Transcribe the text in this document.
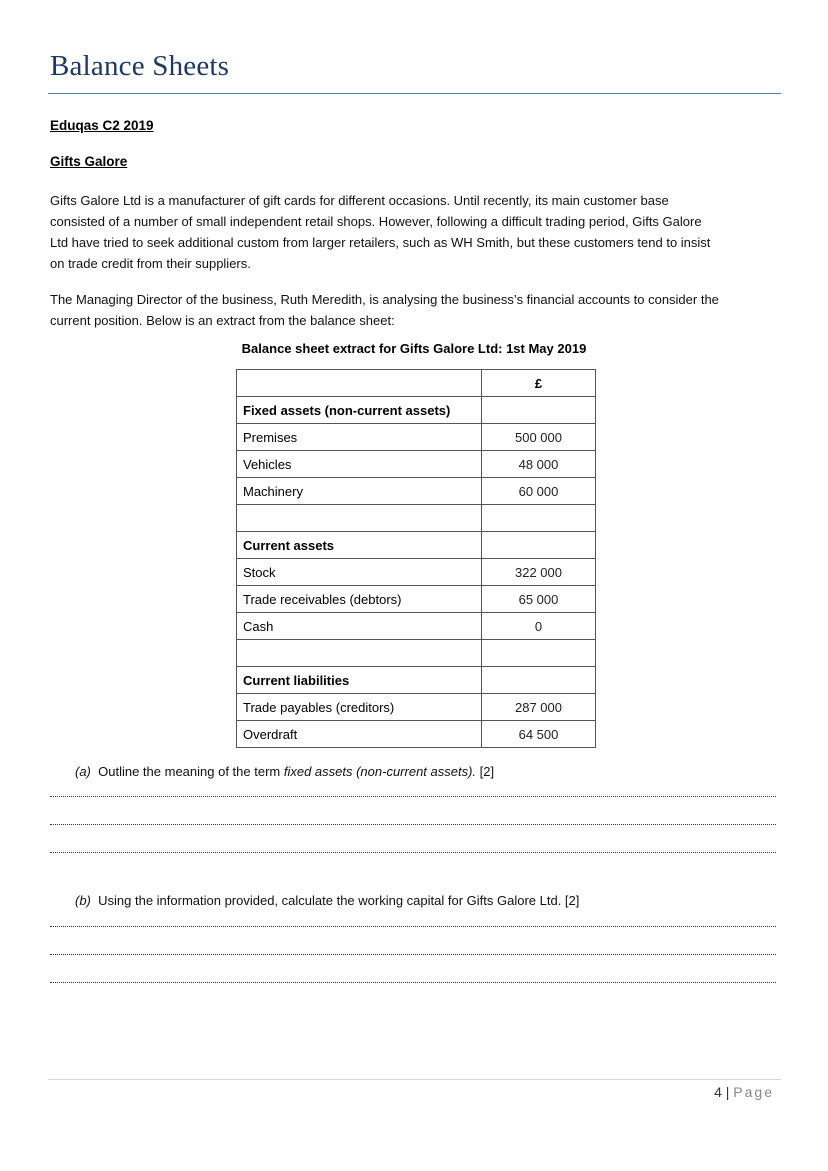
Balance Sheets
Eduqas C2 2019
Gifts Galore
Gifts Galore Ltd is a manufacturer of gift cards for different occasions. Until recently, its main customer base
consisted of a number of small independent retail shops. However, following a difficult trading period, Gifts Galore
Ltd have tried to seek additional custom from larger retailers, such as WH Smith, but these customers tend to insist
on trade credit from their suppliers.
The Managing Director of the business, Ruth Meredith, is analysing the business’s financial accounts to consider the
current position. Below is an extract from the balance sheet:
Balance sheet extract for Gifts Galore Ltd: 1st May 2019
	£
Fixed assets (non-current assets)	
Premises	500 000
Vehicles	48 000
Machinery	60 000

Current assets	
Stock	322 000
Trade receivables (debtors)	65 000
Cash	0

Current liabilities	
Trade payables (creditors)	287 000
Overdraft	64 500
(a) Outline the meaning of the term fixed assets (non-current assets). [2]
(b) Using the information provided, calculate the working capital for Gifts Galore Ltd. [2]
4 | Page
